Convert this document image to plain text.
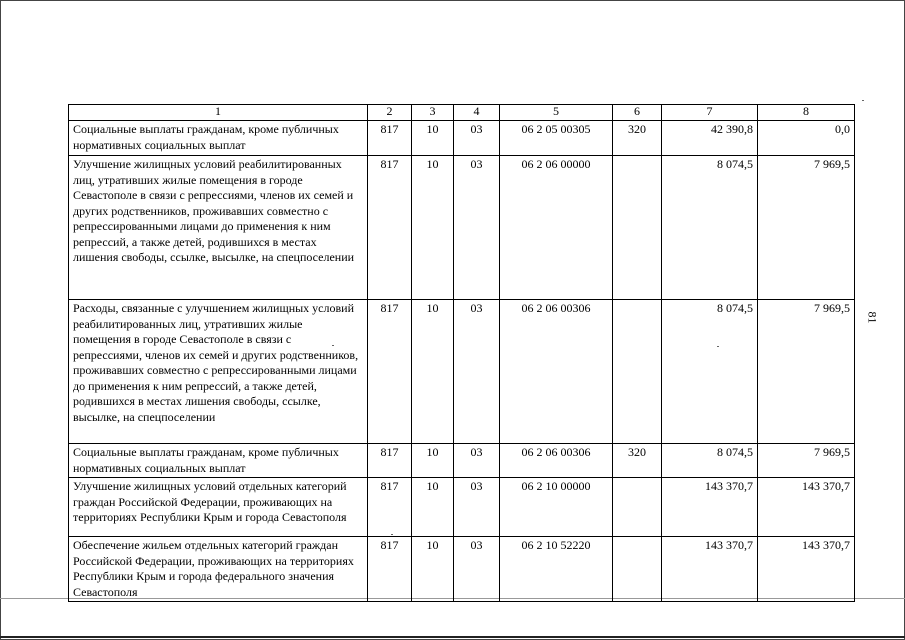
1	2	3	4	5	6	7	8
Социальные выплаты гражданам, кроме публичных нормативных социальных выплат	817	10	03	06 2 05 00305	320	42 390,8	0,0
Улучшение жилищных условий реабилитированных лиц, утративших жилые помещения в городе Севастополе в связи с репрессиями, членов их семей и других родственников, проживавших совместно с репрессированными лицами до применения к ним репрессий, а также детей, родившихся в местах лишения свободы, ссылке, высылке, на спецпоселении	817	10	03	06 2 06 00000		8 074,5	7 969,5
Расходы, связанные с улучшением жилищных условий реабилитированных лиц, утративших жилые помещения в городе Севастополе в связи с репрессиями, членов их семей и других родственников, проживавших совместно с репрессированными лицами до применения к ним репрессий, а также детей, родившихся в местах лишения свободы, ссылке, высылке, на спецпоселении	817	10	03	06 2 06 00306		8 074,5	7 969,5
Социальные выплаты гражданам, кроме публичных нормативных социальных выплат	817	10	03	06 2 06 00306	320	8 074,5	7 969,5
Улучшение жилищных условий отдельных категорий граждан Российской Федерации, проживающих на территориях Республики Крым и города Севастополя	817	10	03	06 2 10 00000		143 370,7	143 370,7
Обеспечение жильем отдельных категорий граждан Российской Федерации, проживающих на территориях Республики Крым и города федерального значения Севастополя	817	10	03	06 2 10 52220		143 370,7	143 370,7
81
